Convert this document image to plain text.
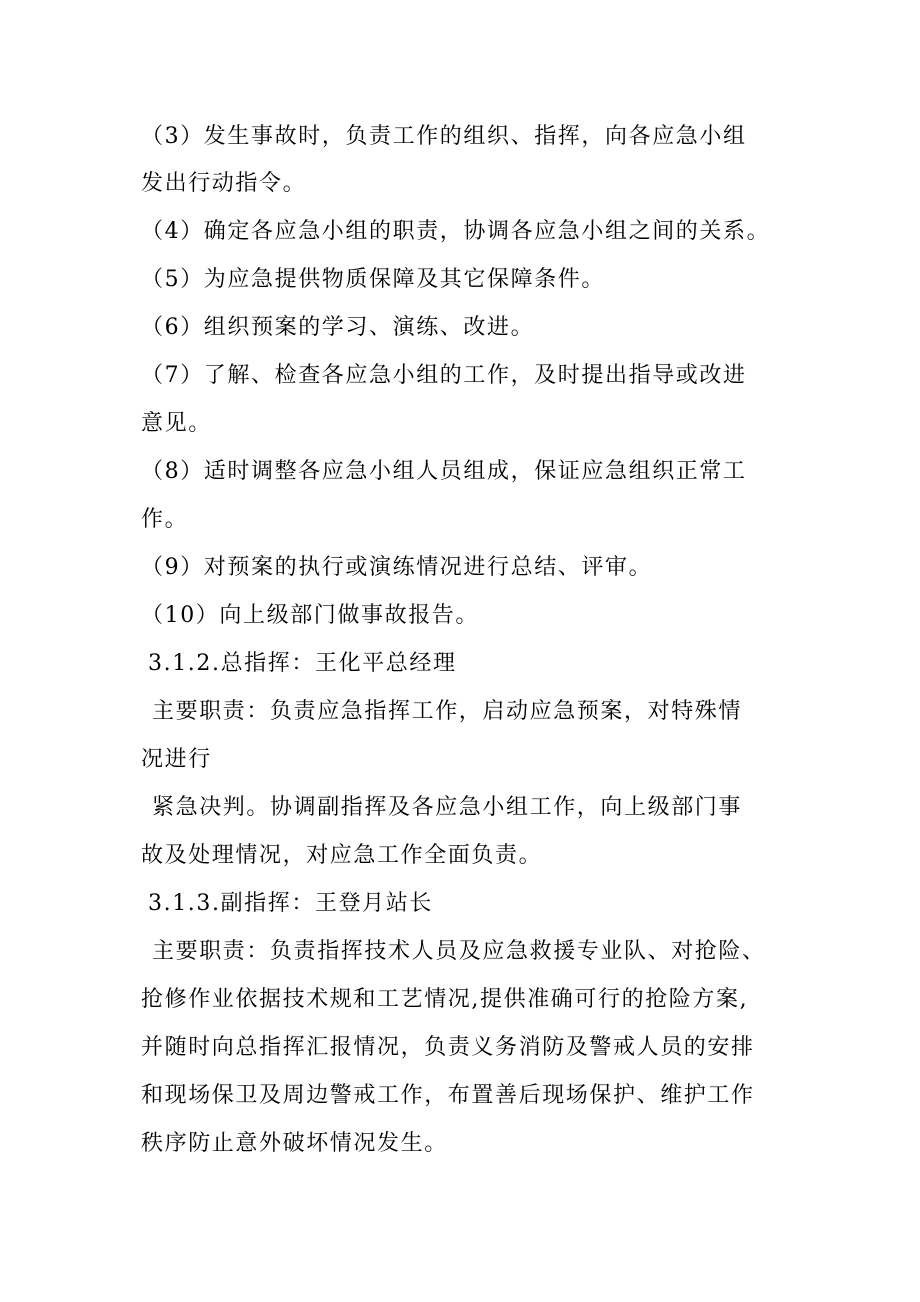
（3）发生事故时，负责工作的组织、指挥，向各应急小组
发出行动指令。
（4）确定各应急小组的职责，协调各应急小组之间的关系。
（5）为应急提供物质保障及其它保障条件。
（6）组织预案的学习、演练、改进。
（7）了解、检查各应急小组的工作，及时提出指导或改进
意见。
（8）适时调整各应急小组人员组成，保证应急组织正常工
作。
（9）对预案的执行或演练情况进行总结、评审。
（10）向上级部门做事故报告。
3.1.2.总指挥：王化平总经理
主要职责：负责应急指挥工作，启动应急预案，对特殊情
况进行
紧急决判。协调副指挥及各应急小组工作，向上级部门事
故及处理情况，对应急工作全面负责。
3.1.3.副指挥：王登月站长
主要职责：负责指挥技术人员及应急救援专业队、对抢险、
抢修作业依据技术规和工艺情况,提供准确可行的抢险方案,
并随时向总指挥汇报情况，负责义务消防及警戒人员的安排
和现场保卫及周边警戒工作，布置善后现场保护、维护工作
秩序防止意外破坏情况发生。
